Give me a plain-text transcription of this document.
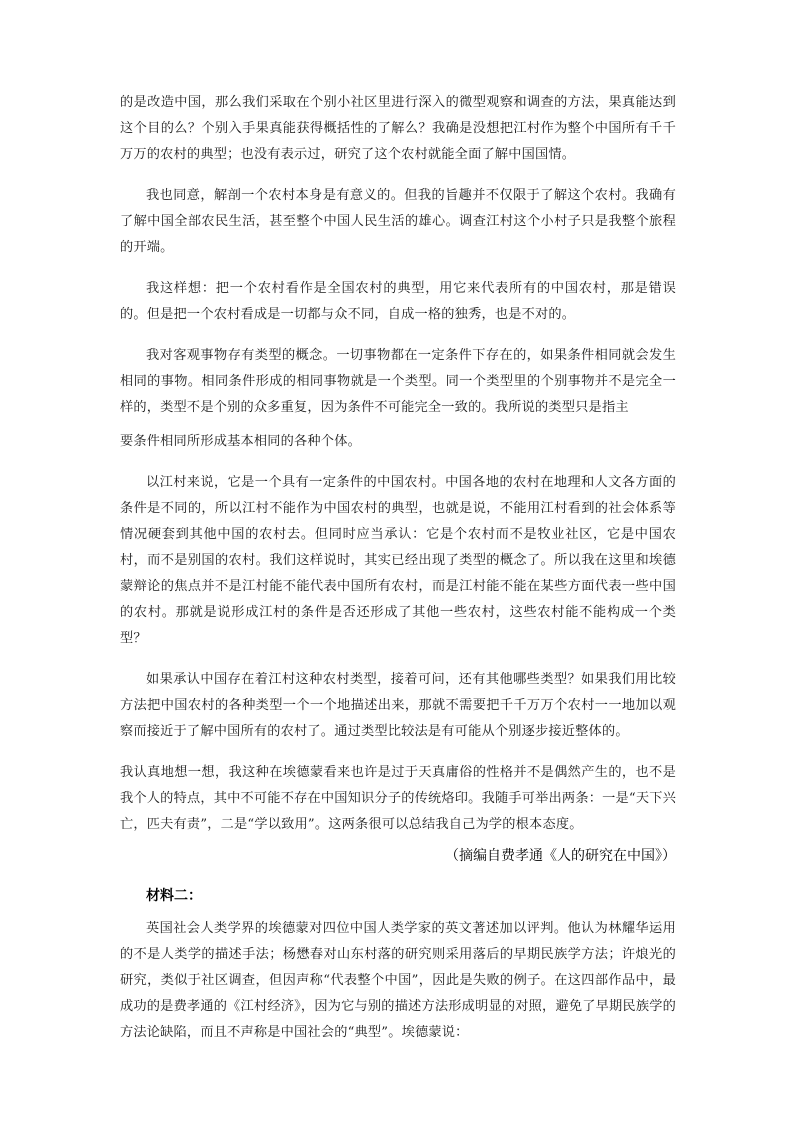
的是改造中国，那么我们采取在个别小社区里进行深入的微型观察和调查的方法，果真能达到这个目的么？个别入手果真能获得概括性的了解么？我确是没想把江村作为整个中国所有千千万万的农村的典型；也没有表示过，研究了这个农村就能全面了解中国国情。

我也同意，解剖一个农村本身是有意义的。但我的旨趣并不仅限于了解这个农村。我确有了解中国全部农民生活，甚至整个中国人民生活的雄心。调查江村这个小村子只是我整个旅程的开端。

我这样想：把一个农村看作是全国农村的典型，用它来代表所有的中国农村，那是错误的。但是把一个农村看成是一切都与众不同，自成一格的独秀，也是不对的。

我对客观事物存有类型的概念。一切事物都在一定条件下存在的，如果条件相同就会发生相同的事物。相同条件形成的相同事物就是一个类型。同一个类型里的个别事物并不是完全一样的，类型不是个别的众多重复，因为条件不可能完全一致的。我所说的类型只是指主

要条件相同所形成基本相同的各种个体。

以江村来说，它是一个具有一定条件的中国农村。中国各地的农村在地理和人文各方面的条件是不同的，所以江村不能作为中国农村的典型，也就是说，不能用江村看到的社会体系等情况硬套到其他中国的农村去。但同时应当承认：它是个农村而不是牧业社区，它是中国农村，而不是别国的农村。我们这样说时，其实已经出现了类型的概念了。所以我在这里和埃德蒙辩论的焦点并不是江村能不能代表中国所有农村，而是江村能不能在某些方面代表一些中国的农村。那就是说形成江村的条件是否还形成了其他一些农村，这些农村能不能构成一个类型？

如果承认中国存在着江村这种农村类型，接着可问，还有其他哪些类型？如果我们用比较方法把中国农村的各种类型一个一个地描述出来，那就不需要把千千万万个农村一一地加以观察而接近于了解中国所有的农村了。通过类型比较法是有可能从个别逐步接近整体的。

我认真地想一想，我这种在埃德蒙看来也许是过于天真庸俗的性格并不是偶然产生的，也不是我个人的特点，其中不可能不存在中国知识分子的传统烙印。我随手可举出两条：一是“天下兴亡，匹夫有责”，二是“学以致用”。这两条很可以总结我自己为学的根本态度。

（摘编自费孝通《人的研究在中国》）

材料二：

英国社会人类学界的埃德蒙对四位中国人类学家的英文著述加以评判。他认为林耀华运用的不是人类学的描述手法；杨懋春对山东村落的研究则采用落后的早期民族学方法；许烺光的研究，类似于社区调查，但因声称“代表整个中国”，因此是失败的例子。在这四部作品中，最成功的是费孝通的《江村经济》，因为它与别的描述方法形成明显的对照，避免了早期民族学的方法论缺陷，而且不声称是中国社会的“典型”。埃德蒙说：
